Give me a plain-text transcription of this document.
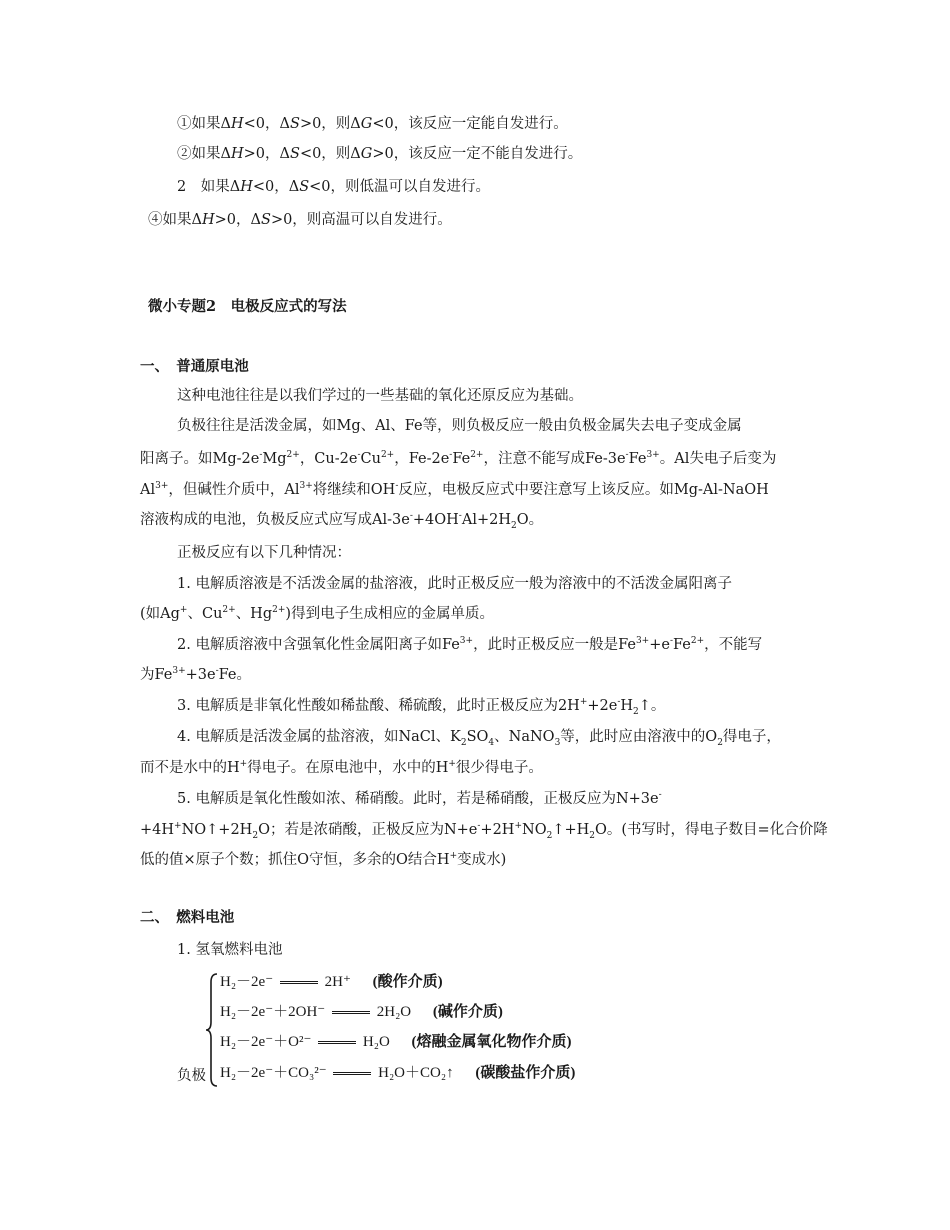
①如果ΔH<0，ΔS>0，则ΔG<0，该反应一定能自发进行。
②如果ΔH>0，ΔS<0，则ΔG>0，该反应一定不能自发进行。
2　如果ΔH<0，ΔS<0，则低温可以自发进行。
④如果ΔH>0，ΔS>0，则高温可以自发进行。
微小专题2　电极反应式的写法
一、　普通原电池
这种电池往往是以我们学过的一些基础的氧化还原反应为基础。
负极往往是活泼金属，如Mg、Al、Fe等，则负极反应一般由负极金属失去电子变成金属
阳离子。如$Mg-2e^-Mg^{2+}$，$Cu-2e^-Cu^{2+}$，$Fe-2e^-Fe^{2+}$，注意不能写成$Fe-3e^-Fe^{3+}$。Al失电子后变为
$Al^{3+}$，但碱性介质中，$Al^{3+}$将继续和OH-反应，电极反应式中要注意写上该反应。如Mg-Al-NaOH
溶液构成的电池，负极反应式应写成$Al-3e^-+4OH^-Al+2H_2O$。
正极反应有以下几种情况：
1. 电解质溶液是不活泼金属的盐溶液，此时正极反应一般为溶液中的不活泼金属阳离子
(如Ag+、$Cu^{2+}$、$Hg^{2+}$)得到电子生成相应的金属单质。
2. 电解质溶液中含强氧化性金属阳离子如$Fe^{3+}$，此时正极反应一般是$Fe^{3+}+e^-Fe^{2+}$，不能写
为$Fe^{3+}+3e^-Fe$。
3. 电解质是非氧化性酸如稀盐酸、稀硫酸，此时正极反应为$2H^++2e^-H_2↑$。
4. 电解质是活泼金属的盐溶液，如NaCl、$K_2SO_4$、NaNO$_3$等，此时应由溶液中的$O_2$得电子，
而不是水中的H+得电子。在原电池中，水中的H+很少得电子。
5. 电解质是氧化性酸如浓、稀硝酸。此时，若是稀硝酸，正极反应为N+3e-
$+4H^+NO↑+2H_2O$；若是浓硝酸，正极反应为$N+e^-+2H^+NO_2↑+H_2O$。(书写时，得电子数目=化合价降
低的值×原子个数；抓住O守恒，多余的O结合H+变成水)
二、　燃料电池
1. 氢氧燃料电池
H₂－2e⁻	2H⁺ (酸作介质)
H₂－2e⁻＋2OH⁻	2H₂O (碱作介质)
H₂－2e⁻＋O²⁻	H₂O (熔融金属氧化物作介质)
负极 H₂－2e⁻＋CO₃²⁻	H₂O＋CO₂↑ (碳酸盐作介质)
